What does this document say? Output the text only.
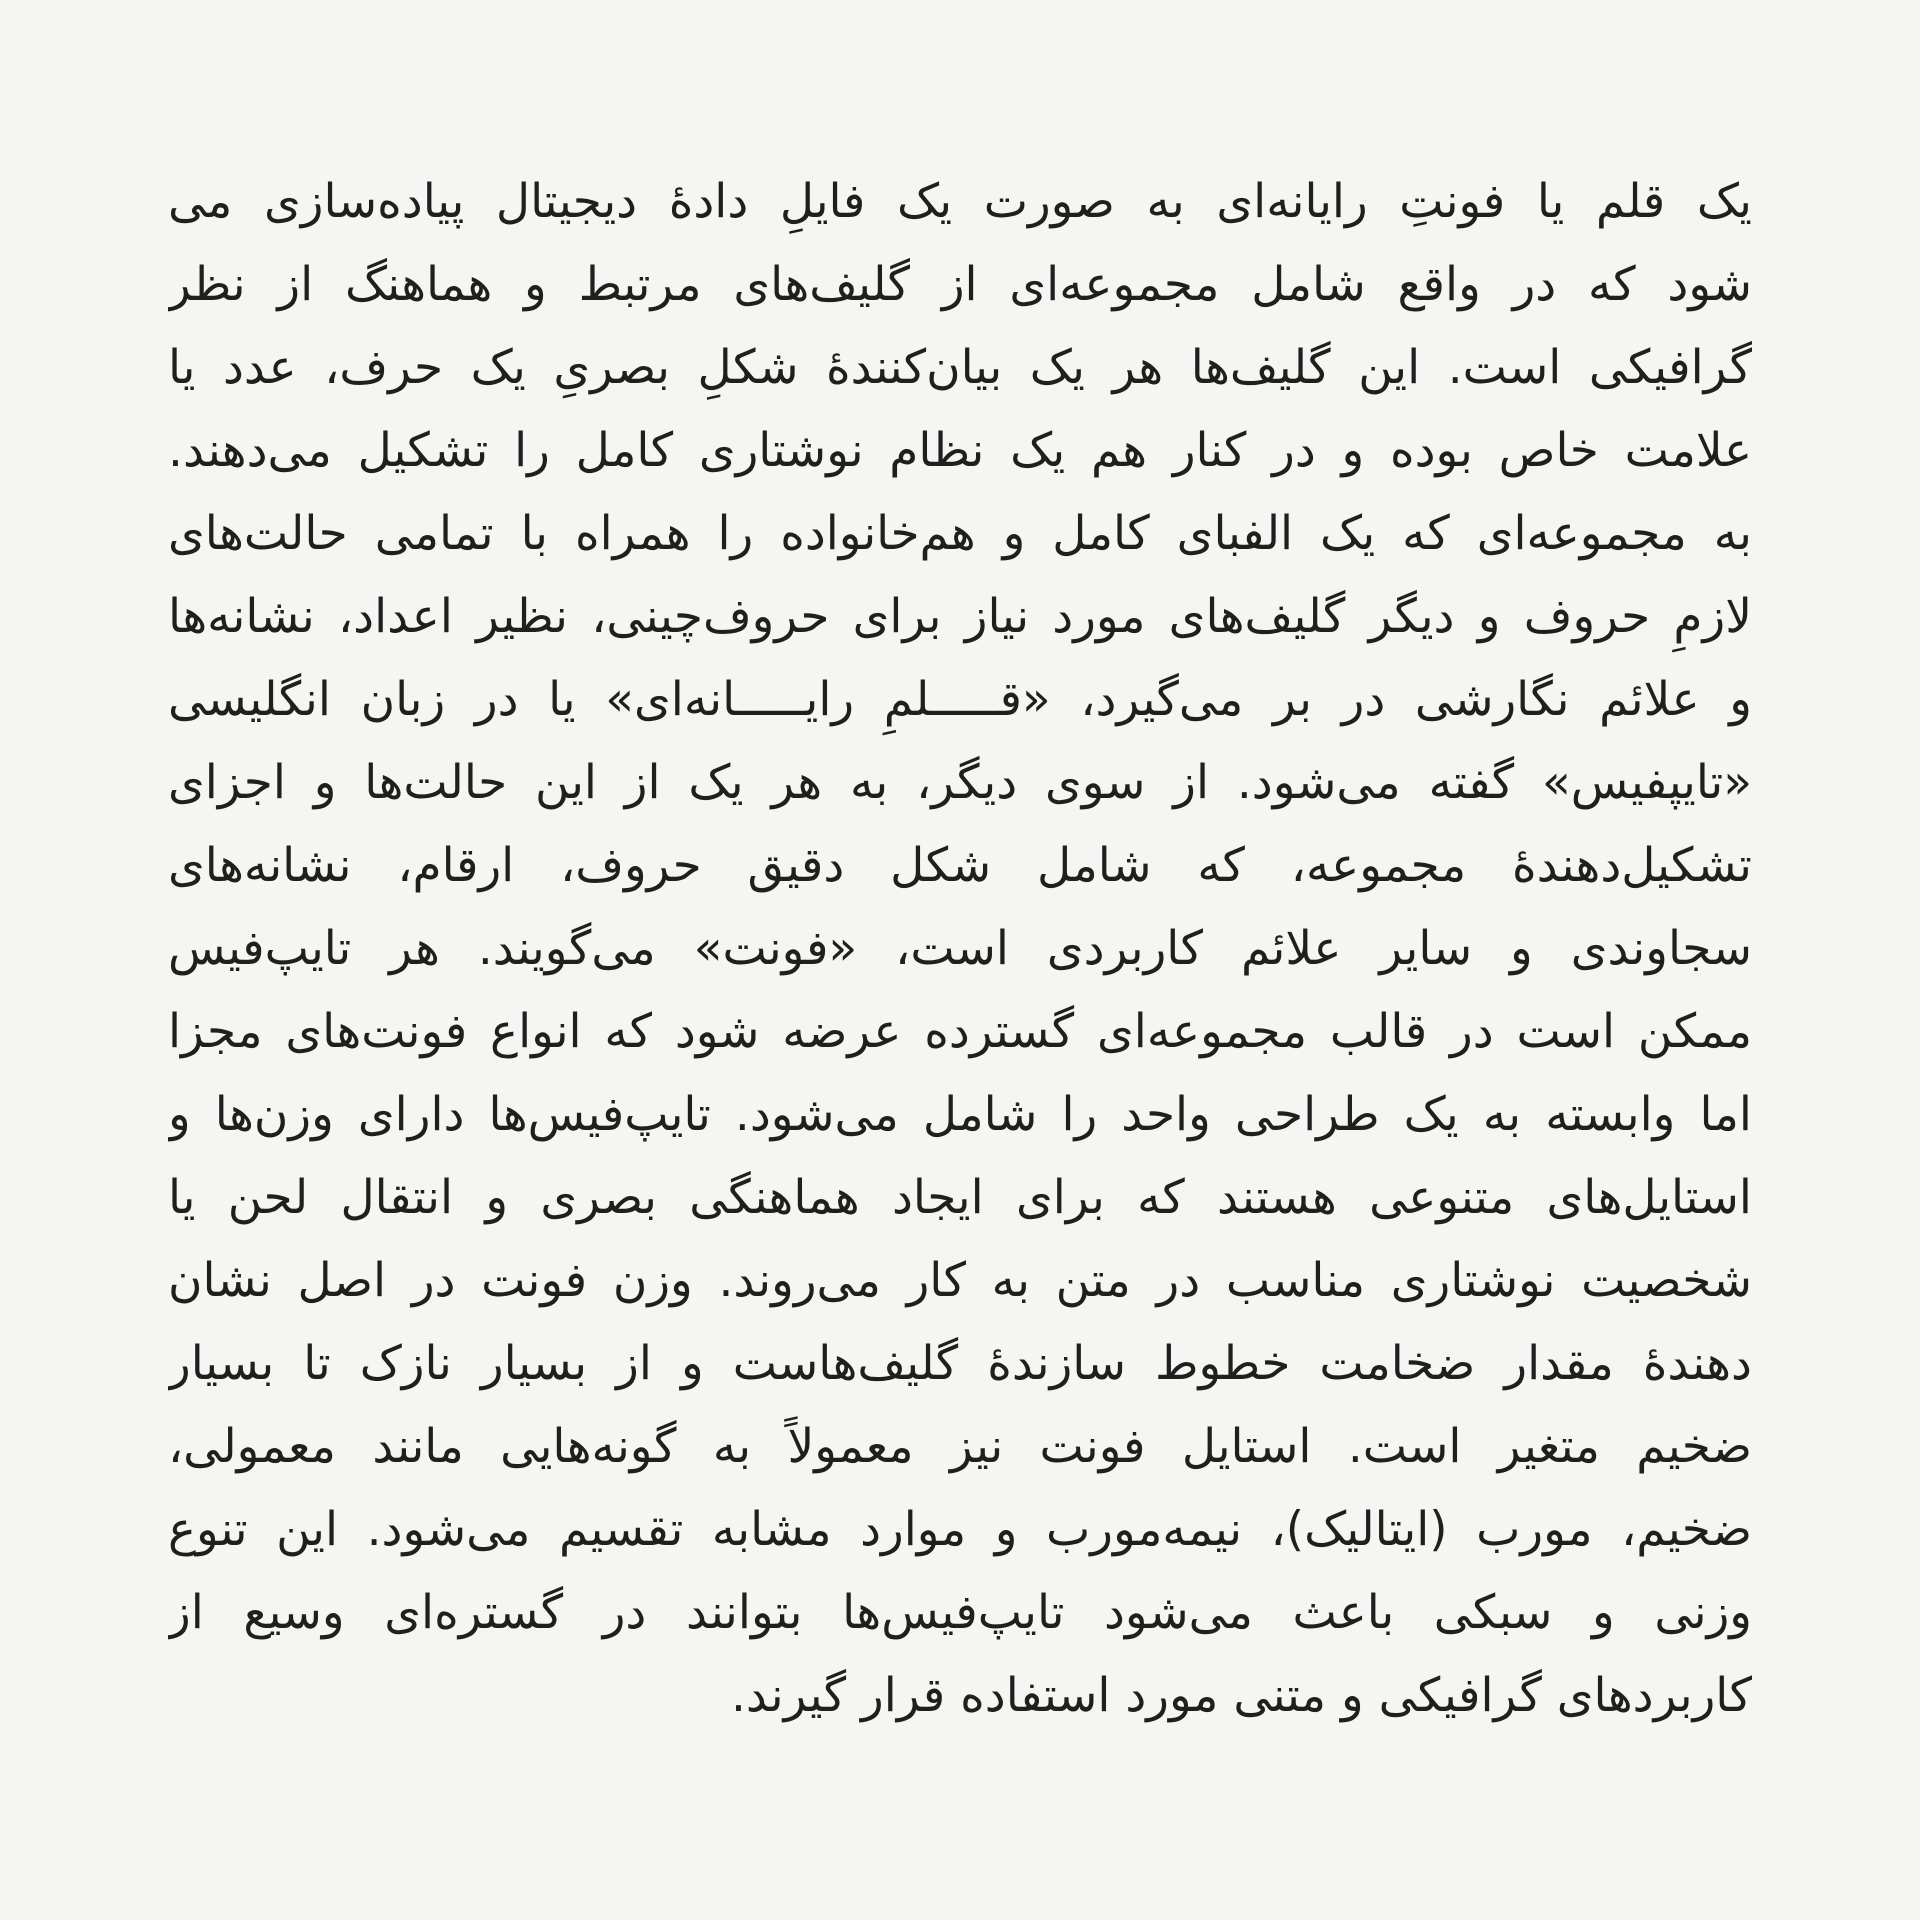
یک قلم یا فونتِ رایانه‌ای به صورت یک فایلِ دادهٔ دیجیتال پیاده‌سازی می
شود که در واقع شامل مجموعه‌ای از گلیف‌های مرتبط و هماهنگ از نظر
گرافیکی است. این گلیف‌ها هر یک بیان‌کنندهٔ شکلِ بصریِ یک حرف، عدد یا
علامت خاص بوده و در کنار هم یک نظام نوشتاری کامل را تشکیل می‌دهند.
به مجموعه‌ای که یک الفبای کامل و هم‌خانواده را همراه با تمامی حالت‌های
لازمِ حروف و دیگر گلیف‌های مورد نیاز برای حروف‌چینی، نظیر اعداد، نشانه‌ها
و علائم نگارشی در بر می‌گیرد، «قـــــلمِ رایـــــانه‌ای» یا در زبان انگلیسی
«تایپفیس» گفته می‌شود. از سوی دیگر، به هر یک از این حالت‌ها و اجزای
تشکیل‌دهندهٔ مجموعه، که شامل شکل دقیق حروف، ارقام، نشانه‌های
سجاوندی و سایر علائم کاربردی است، «فونت» می‌گویند. هر تایپ‌فیس
ممکن است در قالب مجموعه‌ای گسترده عرضه شود که انواع فونت‌های مجزا
اما وابسته به یک طراحی واحد را شامل می‌شود. تایپ‌فیس‌ها دارای وزن‌ها و
استایل‌های متنوعی هستند که برای ایجاد هماهنگی بصری و انتقال لحن یا
شخصیت نوشتاری مناسب در متن به کار می‌روند. وزن فونت در اصل نشان
دهندهٔ مقدار ضخامت خطوط سازندهٔ گلیف‌هاست و از بسیار نازک تا بسیار
ضخیم متغیر است. استایل فونت نیز معمولاً به گونه‌هایی مانند معمولی،
ضخیم، مورب (ایتالیک)، نیمه‌مورب و موارد مشابه تقسیم می‌شود. این تنوع
وزنی و سبکی باعث می‌شود تایپ‌فیس‌ها بتوانند در گستره‌ای وسیع از
کاربردهای گرافیکی و متنی مورد استفاده قرار گیرند.
